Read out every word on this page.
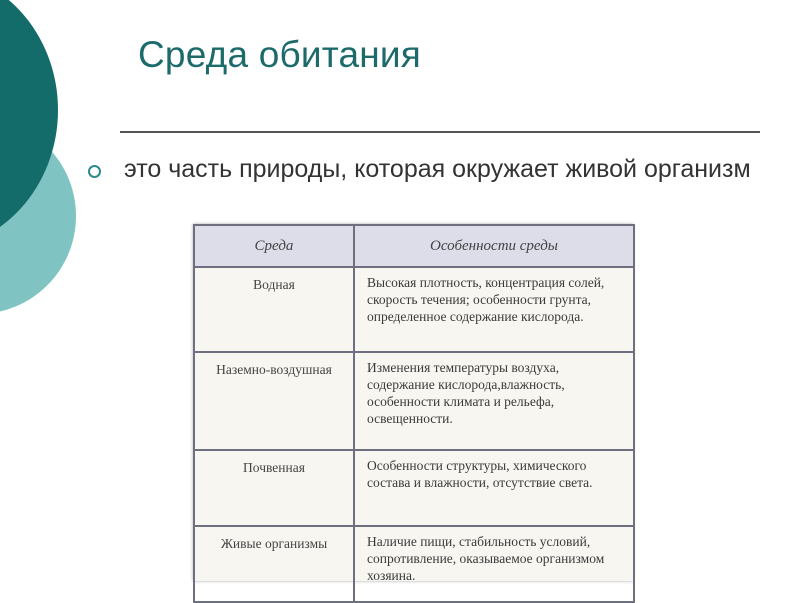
Среда обитания
это часть природы, которая окружает живой организм
Среда	Особенности среды
Водная	Высокая плотность, концентрация солей, скорость течения; особенности грунта, определенное содержание кислорода.
Наземно-воздушная	Изменения температуры воздуха, содержание кислорода,влажность, особенности климата и рельефа, освещенности.
Почвенная	Особенности структуры, химического состава и влажности, отсутствие света.
Живые организмы	Наличие пищи, стабильность условий, сопротивление, оказываемое организмом хозяина.
